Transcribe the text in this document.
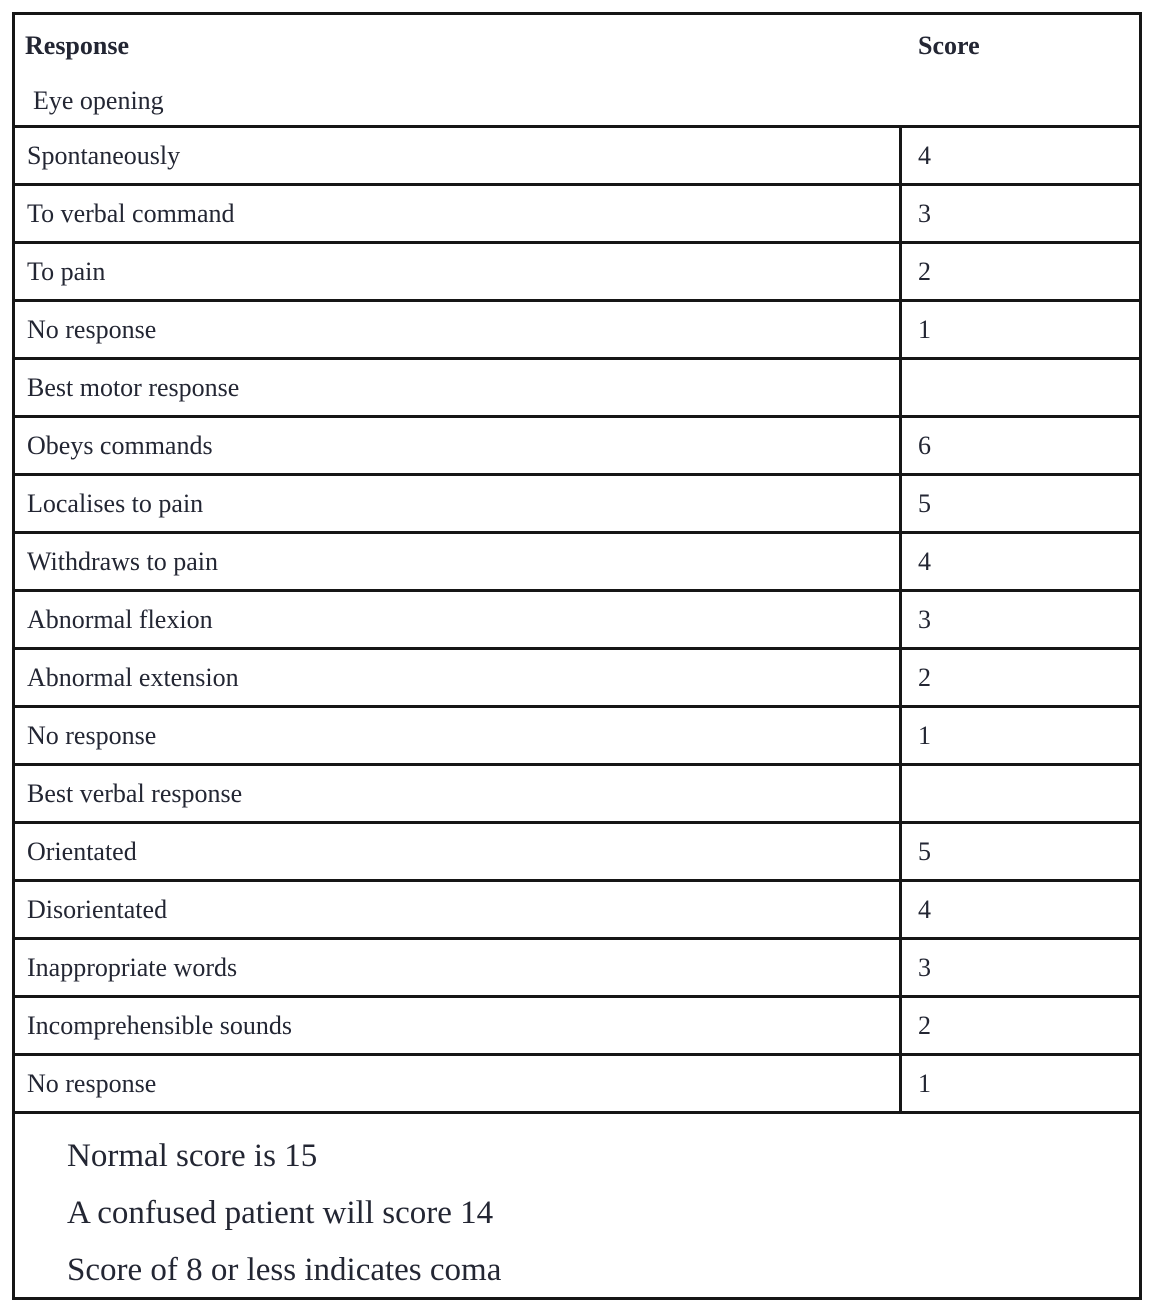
Response	Score
Eye opening
Spontaneously	4
To verbal command	3
To pain	2
No response	1
Best motor response
Obeys commands	6
Localises to pain	5
Withdraws to pain	4
Abnormal flexion	3
Abnormal extension	2
No response	1
Best verbal response
Orientated	5
Disorientated	4
Inappropriate words	3
Incomprehensible sounds	2
No response	1
Normal score is 15
A confused patient will score 14
Score of 8 or less indicates coma
